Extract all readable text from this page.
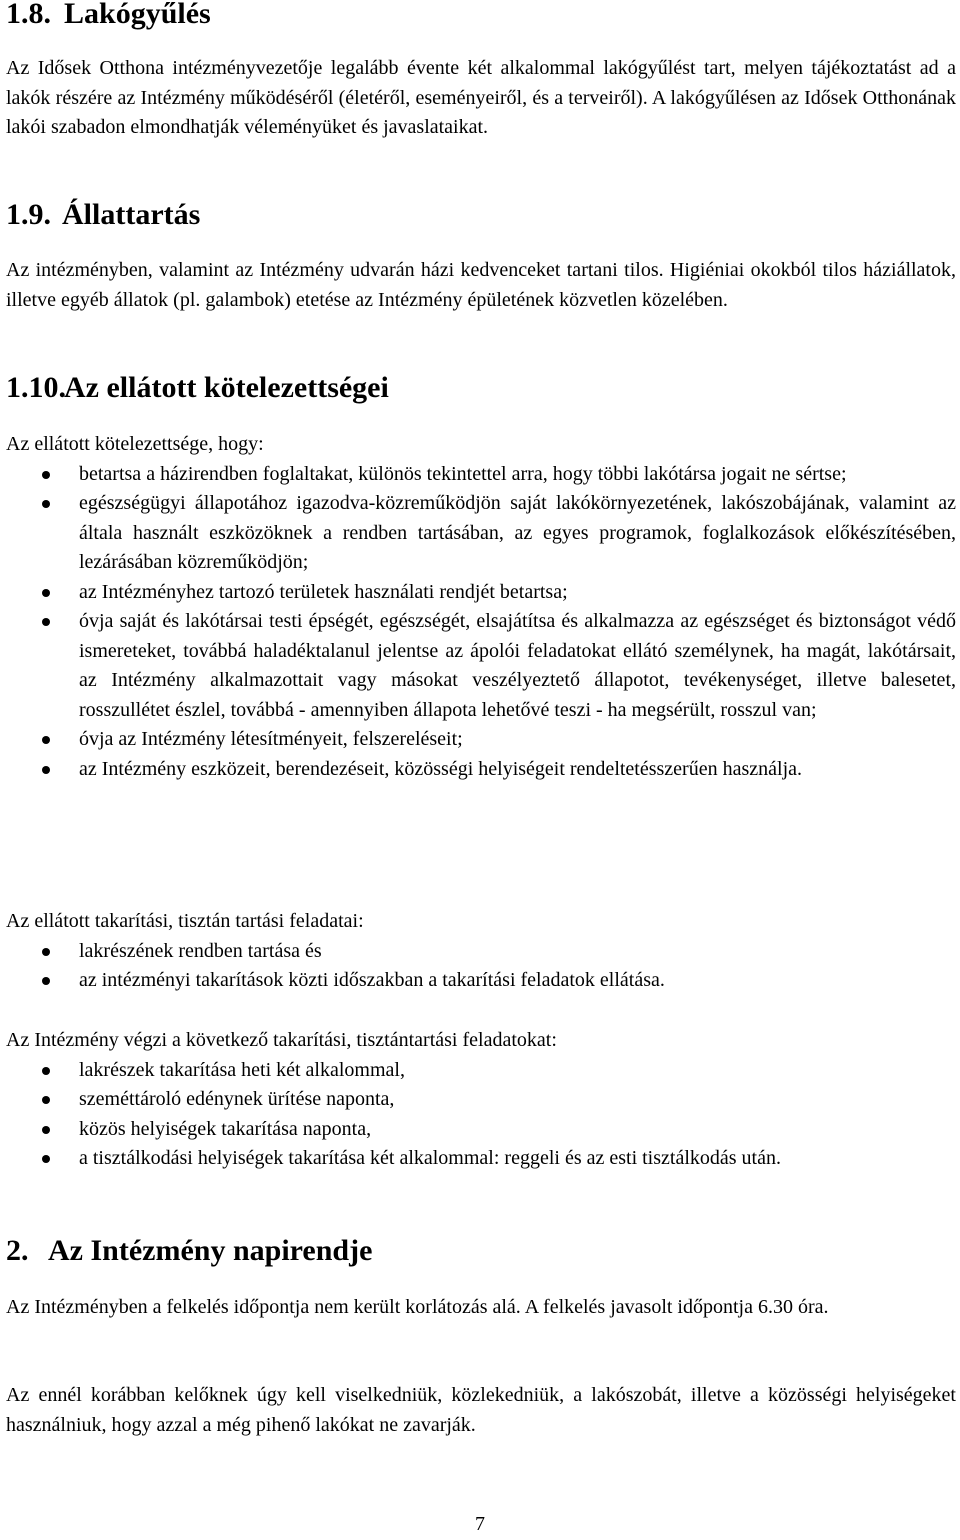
1.8. Lakógyűlés

Az Idősek Otthona intézményvezetője legalább évente két alkalommal lakógyűlést tart, melyen tájékoztatást ad a lakók részére az Intézmény működéséről (életéről, eseményeiről, és a terveiről). A lakógyűlésen az Idősek Otthonának lakói szabadon elmondhatják véleményüket és javaslataikat.

1.9. Állattartás

Az intézményben, valamint az Intézmény udvarán házi kedvenceket tartani tilos. Higiéniai okokból tilos háziállatok, illetve egyéb állatok (pl. galambok) etetése az Intézmény épületének közvetlen közelében.

1.10.Az ellátott kötelezettségei

Az ellátott kötelezettsége, hogy:

betartsa a házirendben foglaltakat, különös tekintettel arra, hogy többi lakótársa jogait ne sértse;
egészségügyi állapotához igazodva-közreműködjön saját lakókörnyezetének, lakószobájának, valamint az általa használt eszközöknek a rendben tartásában, az egyes programok, foglalkozások előkészítésében, lezárásában közreműködjön;
az Intézményhez tartozó területek használati rendjét betartsa;
óvja saját és lakótársai testi épségét, egészségét, elsajátítsa és alkalmazza az egészséget és biztonságot védő ismereteket, továbbá haladéktalanul jelentse az ápolói feladatokat ellátó személynek, ha magát, lakótársait, az Intézmény alkalmazottait vagy másokat veszélyeztető állapotot, tevékenységet, illetve balesetet, rosszullétet észlel, továbbá - amennyiben állapota lehetővé teszi - ha megsérült, rosszul van;
óvja az Intézmény létesítményeit, felszereléseit;
az Intézmény eszközeit, berendezéseit, közösségi helyiségeit rendeltetésszerűen használja.

Az ellátott takarítási, tisztán tartási feladatai:

lakrészének rendben tartása és
az intézményi takarítások közti időszakban a takarítási feladatok ellátása.

Az Intézmény végzi a következő takarítási, tisztántartási feladatokat:

lakrészek takarítása heti két alkalommal,
szeméttároló edénynek ürítése naponta,
közös helyiségek takarítása naponta,
a tisztálkodási helyiségek takarítása két alkalommal: reggeli és az esti tisztálkodás után.
2. Az Intézmény napirendje

Az Intézményben a felkelés időpontja nem került korlátozás alá. A felkelés javasolt időpontja 6.30 óra.

Az ennél korábban kelőknek úgy kell viselkedniük, közlekedniük, a lakószobát, illetve a közösségi helyiségeket használniuk, hogy azzal a még pihenő lakókat ne zavarják.

7
